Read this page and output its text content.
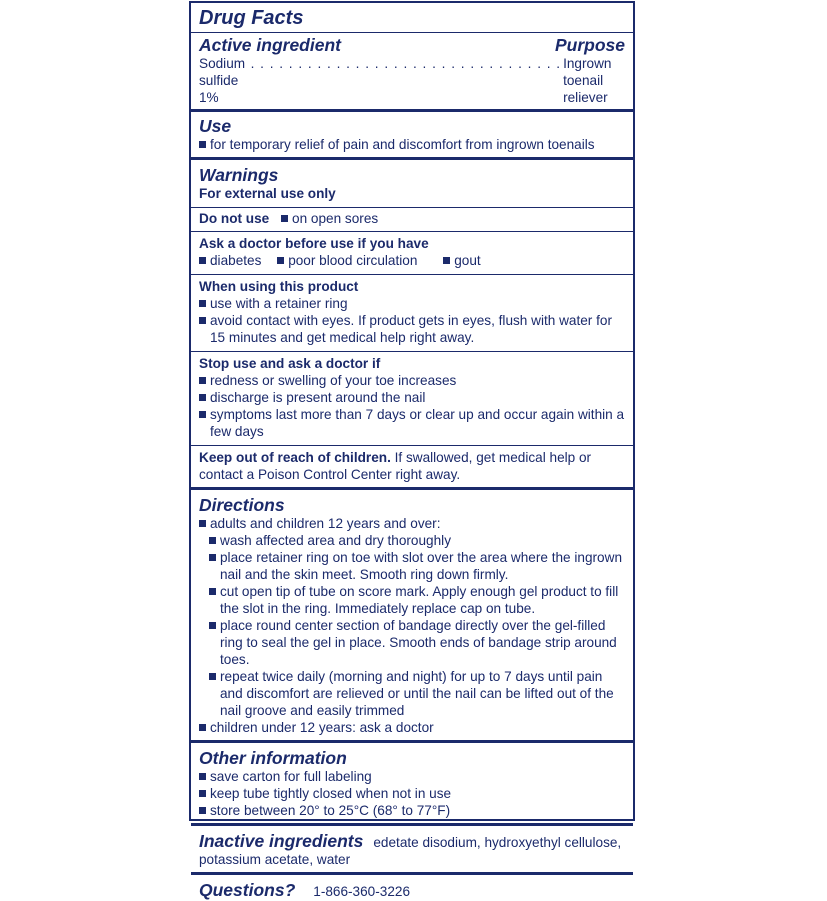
Drug Facts
Active ingredient	Purpose
Sodium sulfide 1%
. . . . . . . . . . . . . . . . . . . . . . . . . . . . . . . . . Ingrown toenail reliever
Use
for temporary relief of pain and discomfort from ingrown toenails
Warnings
For external use only
Do not use on open sores
Ask a doctor before use if you have
diabetes poor blood circulation	gout
When using this product
use with a retainer ring
avoid contact with eyes. If product gets in eyes, flush with water for 15 minutes and get medical help right away.
Stop use and ask a doctor if
redness or swelling of your toe increases
discharge is present around the nail
symptoms last more than 7 days or clear up and occur again within a few days
Keep out of reach of children. If swallowed, get medical help or contact a Poison Control Center right away.
Directions
adults and children 12 years and over:
wash affected area and dry thoroughly
place retainer ring on toe with slot over the area where the ingrown nail and the skin meet. Smooth ring down firmly.
cut open tip of tube on score mark. Apply enough gel product to fill the slot in the ring. Immediately replace cap on tube.
place round center section of bandage directly over the gel-filled ring to seal the gel in place. Smooth ends of bandage strip around toes.
repeat twice daily (morning and night) for up to 7 days until pain and discomfort are relieved or until the nail can be lifted out of the nail groove and easily trimmed
children under 12 years: ask a doctor
Other information
save carton for full labeling
keep tube tightly closed when not in use
store between 20° to 25°C (68° to 77°F)
Inactive ingredients edetate disodium, hydroxyethyl cellulose, potassium acetate, water
Questions? 1-866-360-3226
